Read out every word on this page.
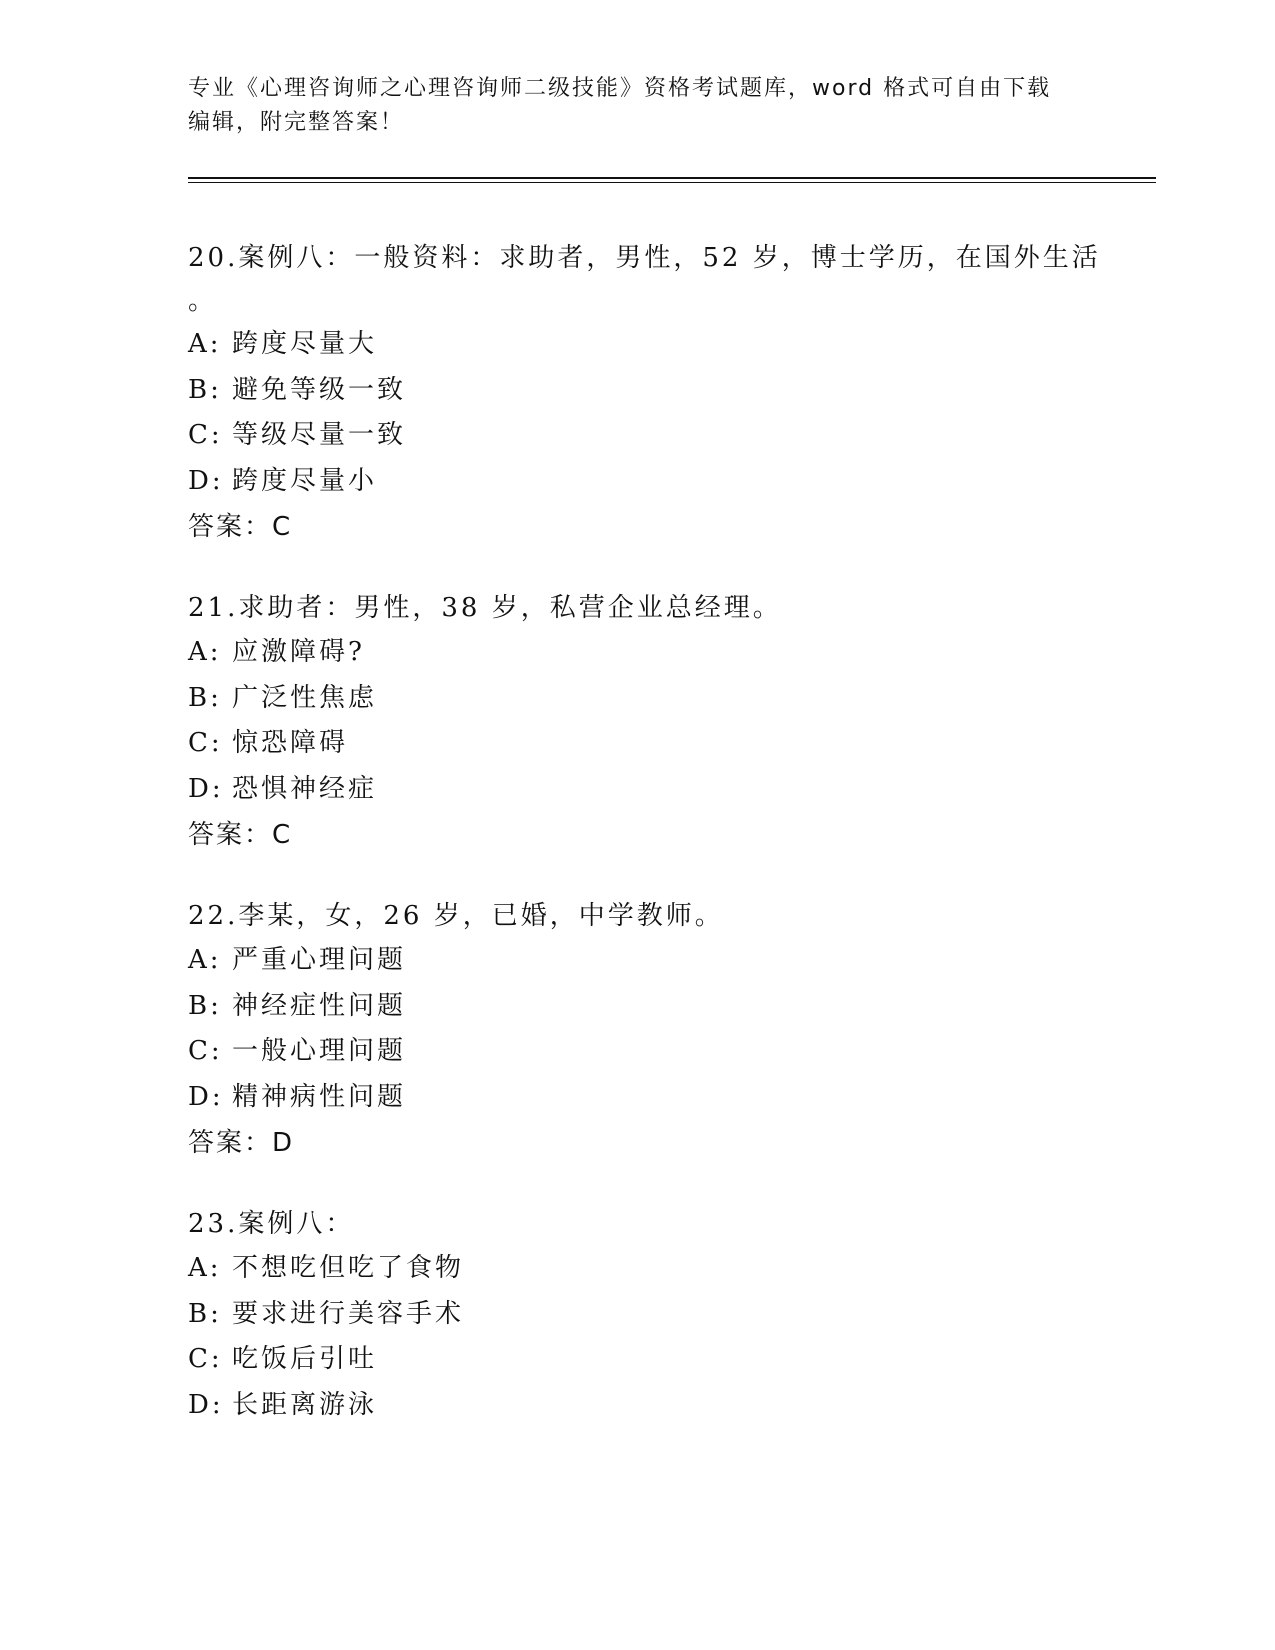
专业《心理咨询师之心理咨询师二级技能》资格考试题库，word 格式可自由下载
编辑，附完整答案！
20.案例八：一般资料：求助者，男性，52 岁，博士学历，在国外生活
。
A: 跨度尽量大
B: 避免等级一致
C: 等级尽量一致
D: 跨度尽量小
答案：C
21.求助者：男性，38 岁，私营企业总经理。
A: 应激障碍?
B: 广泛性焦虑
C: 惊恐障碍
D: 恐惧神经症
答案：C
22.李某，女，26 岁，已婚，中学教师。
A: 严重心理问题
B: 神经症性问题
C: 一般心理问题
D: 精神病性问题
答案：D
23.案例八：
A: 不想吃但吃了食物
B: 要求进行美容手术
C: 吃饭后引吐
D: 长距离游泳
